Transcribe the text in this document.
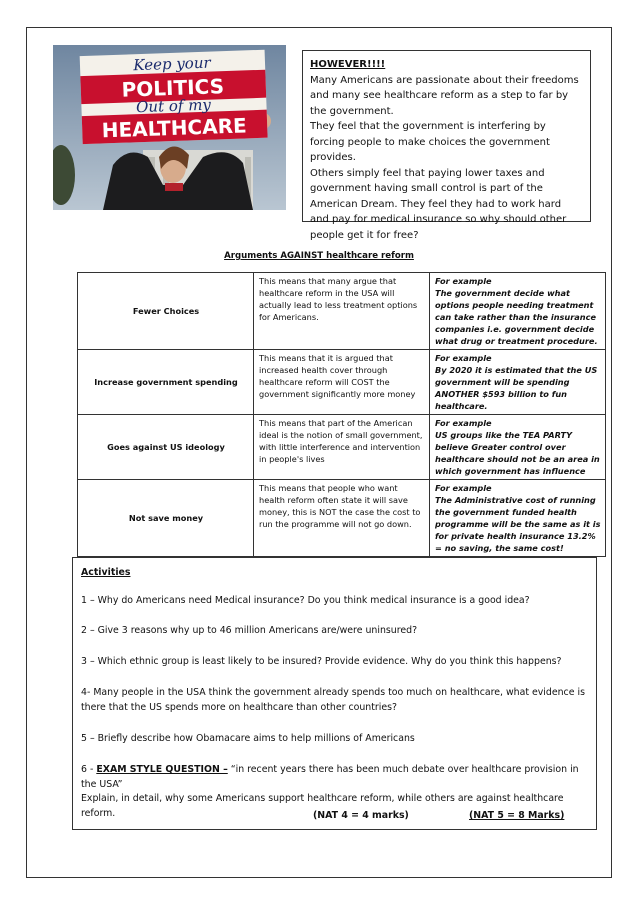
Keep your
POLITICS
Out of my
HEALTHCARE
HOWEVER!!!!

Many Americans are passionate about their freedoms and many see healthcare reform as a step to far by the government.

They feel that the government is interfering by forcing people to make choices the government provides.

Others simply feel that paying lower taxes and government having small control is part of the American Dream. They feel they had to work hard and pay for medical insurance so why should other people get it for free?

Arguments AGAINST healthcare reform
Fewer Choices	This means that many argue that healthcare reform in the USA will actually lead to less treatment options for Americans.	For example
The government decide what options people needing treatment can take rather than the insurance companies i.e. government decide what drug or treatment procedure.

Increase government spending	This means that it is argued that increased health cover through healthcare reform will COST the government significantly more money	For example
By 2020 it is estimated that the US government will be spending ANOTHER $593 billion to fun healthcare.

Goes against US ideology	This means that part of the American ideal is the notion of small government, with little interference and intervention in people's lives	For example
US groups like the TEA PARTY believe Greater control over healthcare should not be an area in which government has influence

Not save money	This means that people who want health reform often state it will save money, this is NOT the case the cost to run the programme will not go down.	For example
The Administrative cost of running the government funded health programme will be the same as it is for private health insurance 13.2% = no saving, the same cost!
Activities
1 – Why do Americans need Medical insurance? Do you think medical insurance is a good idea?
2 – Give 3 reasons why up to 46 million Americans are/were uninsured?
3 – Which ethnic group is least likely to be insured? Provide evidence. Why do you think this happens?
4- Many people in the USA think the government already spends too much on healthcare, what evidence is there that the US spends more on healthcare than other countries?
5 – Briefly describe how Obamacare aims to help millions of Americans
6 - EXAM STYLE QUESTION – “in recent years there has been much debate over healthcare provision in the USA”
Explain, in detail, why some Americans support healthcare reform, while others are against healthcare reform.	(NAT 4 = 4 marks)	(NAT 5 = 8 Marks)
